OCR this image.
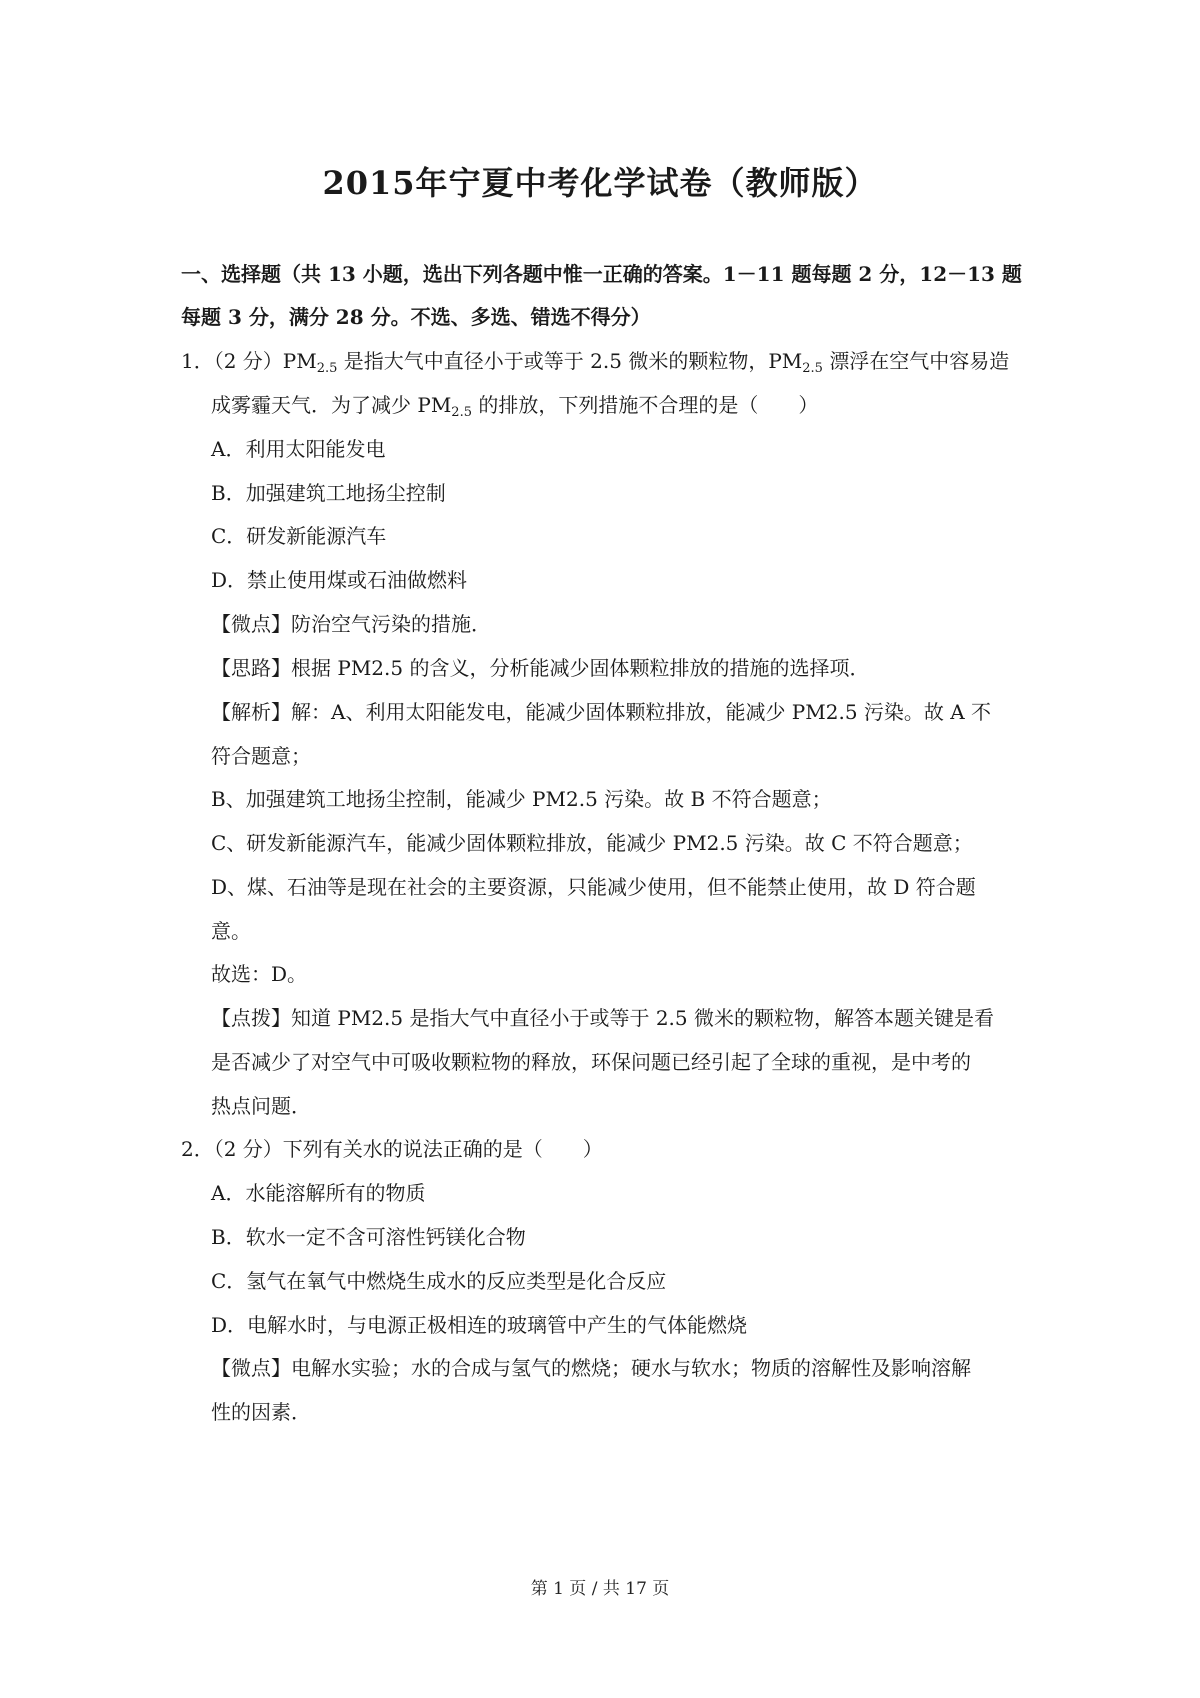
2015年宁夏中考化学试卷（教师版）
一、选择题（共 13 小题，选出下列各题中惟一正确的答案。1－11 题每题 2 分，12－13 题
每题 3 分，满分 28 分。不选、多选、错选不得分）
1．（2 分）$PM_{2.5}$ 是指大气中直径小于或等于 2.5 微米的颗粒物，$PM_{2.5}$ 漂浮在空气中容易造
成雾霾天气．为了减少 $PM_{2.5}$ 的排放，下列措施不合理的是（　　）
A．利用太阳能发电
B．加强建筑工地扬尘控制
C．研发新能源汽车
D．禁止使用煤或石油做燃料
【微点】防治空气污染的措施．
【思路】根据 PM2.5 的含义，分析能减少固体颗粒排放的措施的选择项．
【解析】解：A、利用太阳能发电，能减少固体颗粒排放，能减少 PM2.5 污染。故 A 不
符合题意；
B、加强建筑工地扬尘控制，能减少 PM2.5 污染。故 B 不符合题意；
C、研发新能源汽车，能减少固体颗粒排放，能减少 PM2.5 污染。故 C 不符合题意；
D、煤、石油等是现在社会的主要资源，只能减少使用，但不能禁止使用，故 D 符合题
意。
故选：D。
【点拨】知道 PM2.5 是指大气中直径小于或等于 2.5 微米的颗粒物，解答本题关键是看
是否减少了对空气中可吸收颗粒物的释放，环保问题已经引起了全球的重视，是中考的
热点问题．
2．（2 分）下列有关水的说法正确的是（　　）
A．水能溶解所有的物质
B．软水一定不含可溶性钙镁化合物
C．氢气在氧气中燃烧生成水的反应类型是化合反应
D．电解水时，与电源正极相连的玻璃管中产生的气体能燃烧
【微点】电解水实验；水的合成与氢气的燃烧；硬水与软水；物质的溶解性及影响溶解
性的因素．
第 1 页 / 共 17 页
